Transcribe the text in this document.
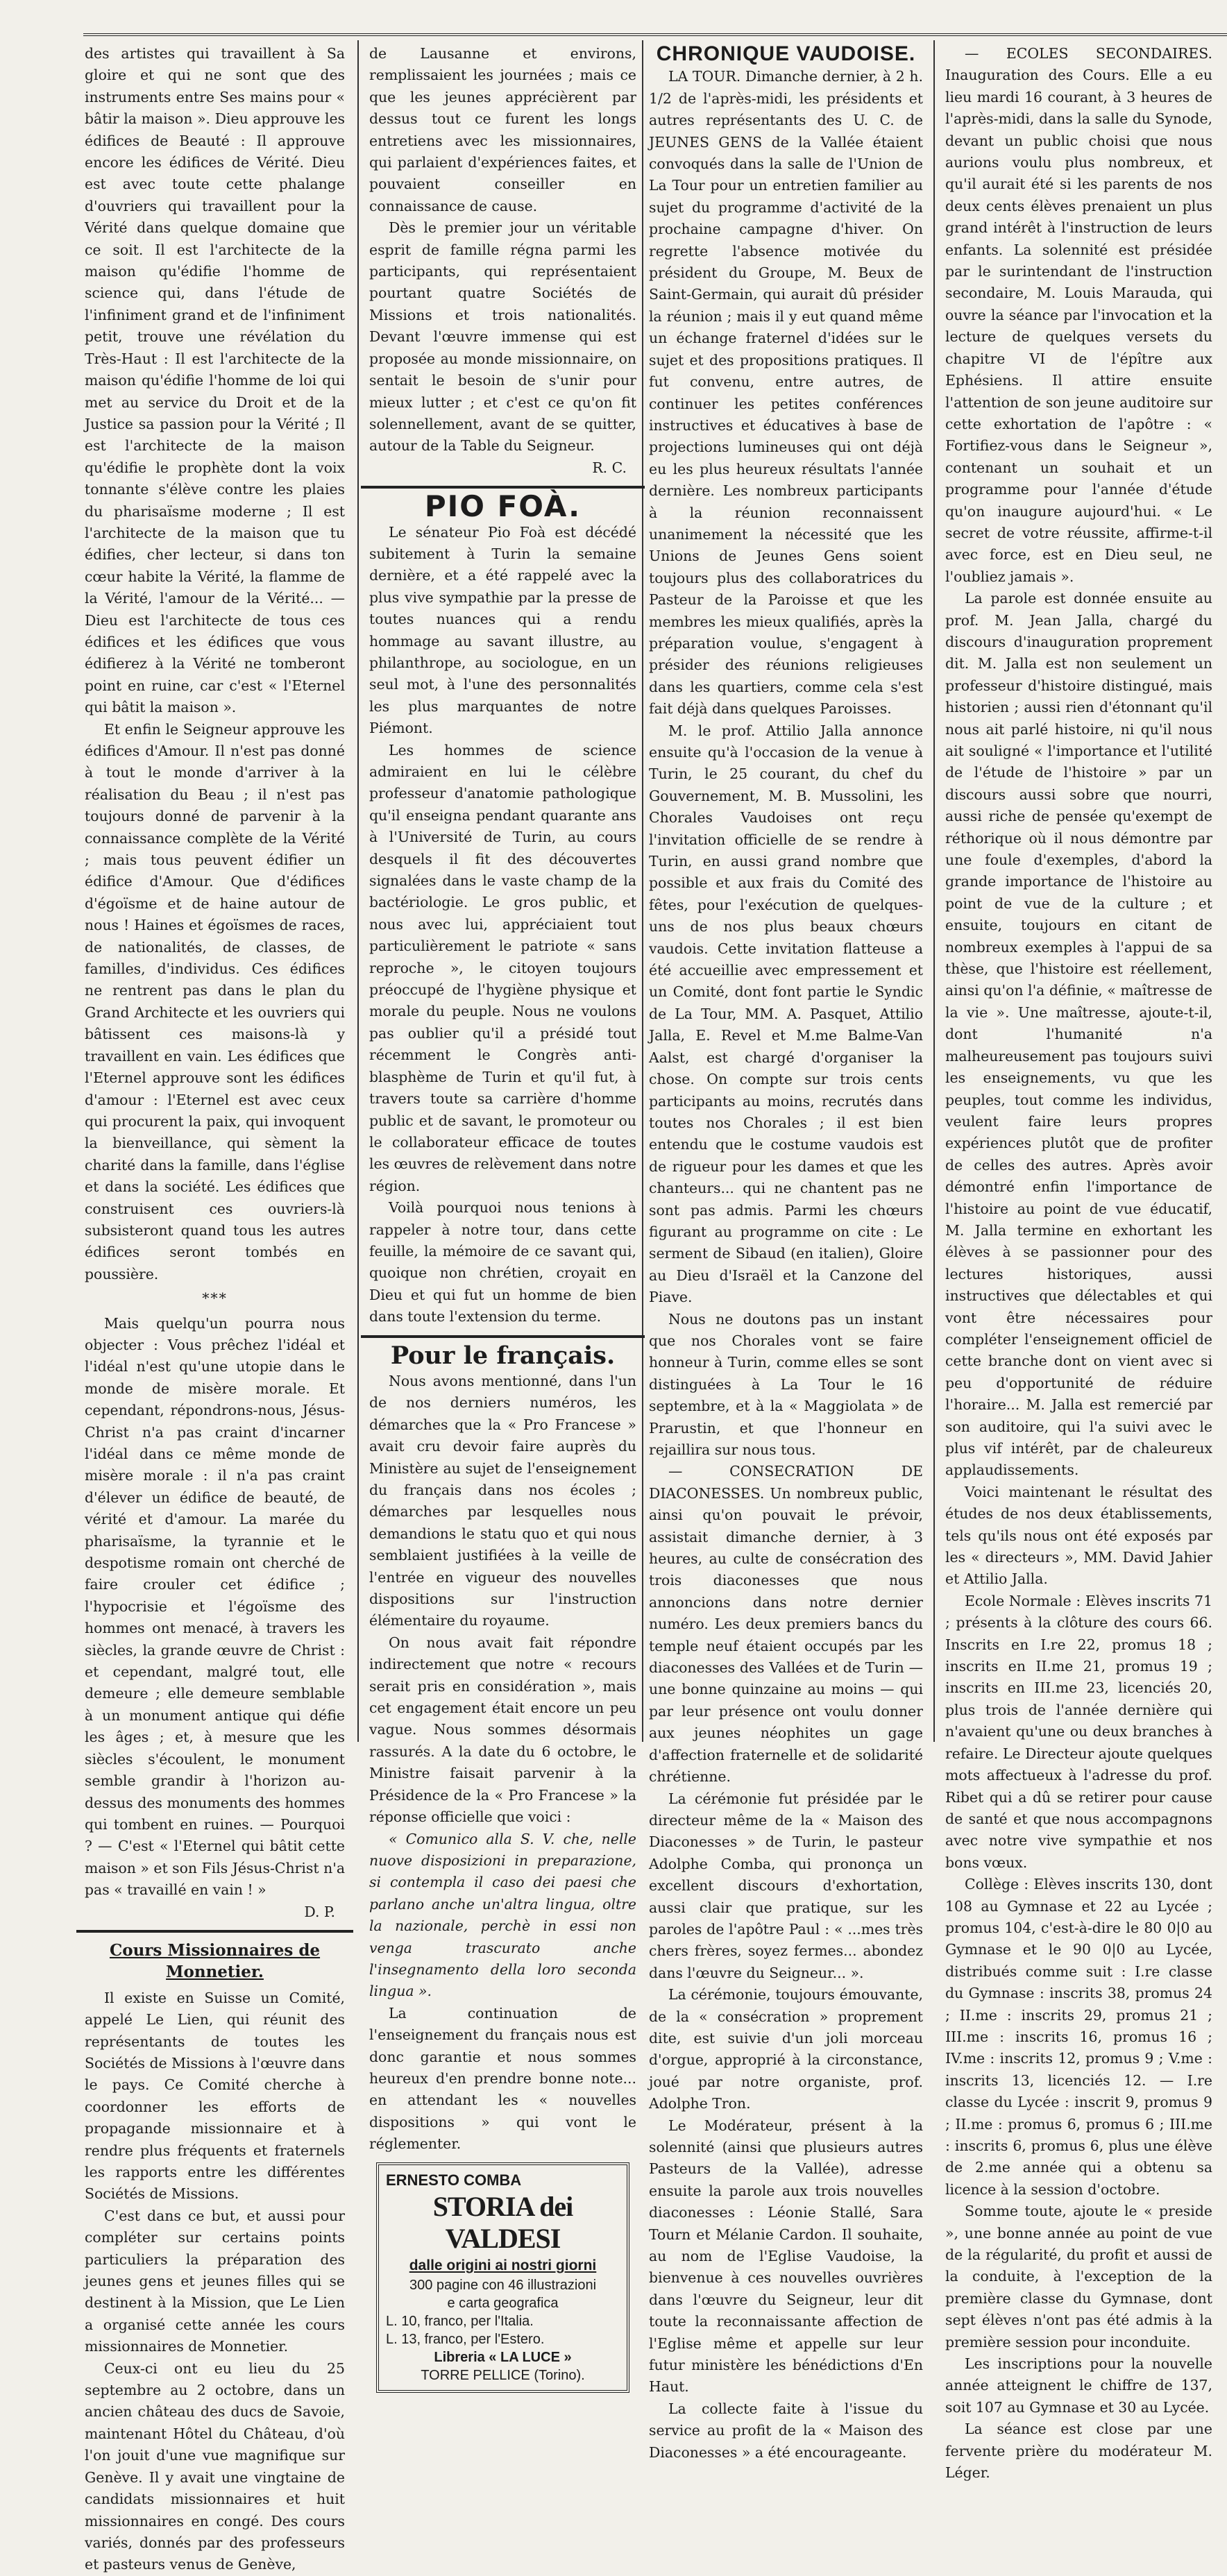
des artistes qui travaillent à Sa gloire et qui ne sont que des instruments entre Ses mains pour « bâtir la maison ». Dieu approuve les édifices de Beauté : Il approuve encore les édifices de Vérité. Dieu est avec toute cette phalange d'ouvriers qui travaillent pour la Vérité dans quelque domaine que ce soit. Il est l'architecte de la maison qu'édifie l'homme de science qui, dans l'étude de l'infiniment grand et de l'infiniment petit, trouve une révélation du Très-Haut : Il est l'architecte de la maison qu'édifie l'homme de loi qui met au service du Droit et de la Justice sa passion pour la Vérité ; Il est l'architecte de la maison qu'édifie le prophète dont la voix tonnante s'élève contre les plaies du pharisaïsme moderne ; Il est l'architecte de la maison que tu édifies, cher lecteur, si dans ton cœur habite la Vérité, la flamme de la Vérité, l'amour de la Vérité... — Dieu est l'architecte de tous ces édifices et les édifices que vous édifierez à la Vérité ne tomberont point en ruine, car c'est « l'Eternel qui bâtit la maison ».

Et enfin le Seigneur approuve les édifices d'Amour. Il n'est pas donné à tout le monde d'arriver à la réalisation du Beau ; il n'est pas toujours donné de parvenir à la connaissance complète de la Vérité ; mais tous peuvent édifier un édifice d'Amour. Que d'édifices d'égoïsme et de haine autour de nous ! Haines et égoïsmes de races, de nationalités, de classes, de familles, d'individus. Ces édifices ne rentrent pas dans le plan du Grand Architecte et les ouvriers qui bâtissent ces maisons-là y travaillent en vain. Les édifices que l'Eternel approuve sont les édifices d'amour : l'Eternel est avec ceux qui procurent la paix, qui invoquent la bienveillance, qui sèment la charité dans la famille, dans l'église et dans la société. Les édifices que construisent ces ouvriers-là subsisteront quand tous les autres édifices seront tombés en poussière.

***

Mais quelqu'un pourra nous objecter : Vous prêchez l'idéal et l'idéal n'est qu'une utopie dans le monde de misère morale. Et cependant, répondrons-nous, Jésus-Christ n'a pas craint d'incarner l'idéal dans ce même monde de misère morale : il n'a pas craint d'élever un édifice de beauté, de vérité et d'amour. La marée du pharisaïsme, la tyrannie et le despotisme romain ont cherché de faire crouler cet édifice ; l'hypocrisie et l'égoïsme des hommes ont menacé, à travers les siècles, la grande œuvre de Christ : et cependant, malgré tout, elle demeure ; elle demeure semblable à un monument antique qui défie les âges ; et, à mesure que les siècles s'écoulent, le monument semble grandir à l'horizon au-dessus des monuments des hommes qui tombent en ruines. — Pourquoi ? — C'est « l'Eternel qui bâtit cette maison » et son Fils Jésus-Christ n'a pas « travaillé en vain ! »

D. P.

Cours Missionnaires de Monnetier.

Il existe en Suisse un Comité, appelé Le Lien, qui réunit des représentants de toutes les Sociétés de Missions à l'œuvre dans le pays. Ce Comité cherche à coordonner les efforts de propagande missionnaire et à rendre plus fréquents et fraternels les rapports entre les différentes Sociétés de Missions.

C'est dans ce but, et aussi pour compléter sur certains points particuliers la préparation des jeunes gens et jeunes filles qui se destinent à la Mission, que Le Lien a organisé cette année les cours missionnaires de Monnetier.

Ceux-ci ont eu lieu du 25 septembre au 2 octobre, dans un ancien château des ducs de Savoie, maintenant Hôtel du Château, d'où l'on jouit d'une vue magnifique sur Genève. Il y avait une vingtaine de candidats missionnaires et huit missionnaires en congé. Des cours variés, donnés par des professeurs et pasteurs venus de Genève,

de Lausanne et environs, remplissaient les journées ; mais ce que les jeunes apprécièrent par dessus tout ce furent les longs entretiens avec les missionnaires, qui parlaient d'expériences faites, et pouvaient conseiller en connaissance de cause.

Dès le premier jour un véritable esprit de famille régna parmi les participants, qui représentaient pourtant quatre Sociétés de Missions et trois nationalités. Devant l'œuvre immense qui est proposée au monde missionnaire, on sentait le besoin de s'unir pour mieux lutter ; et c'est ce qu'on fit solennellement, avant de se quitter, autour de la Table du Seigneur.

R. C.

PIO FOÀ.

Le sénateur Pio Foà est décédé subitement à Turin la semaine dernière, et a été rappelé avec la plus vive sympathie par la presse de toutes nuances qui a rendu hommage au savant illustre, au philanthrope, au sociologue, en un seul mot, à l'une des personnalités les plus marquantes de notre Piémont.

Les hommes de science admiraient en lui le célèbre professeur d'anatomie pathologique qu'il enseigna pendant quarante ans à l'Université de Turin, au cours desquels il fit des découvertes signalées dans le vaste champ de la bactériologie. Le gros public, et nous avec lui, appréciaient tout particulièrement le patriote « sans reproche », le citoyen toujours préoccupé de l'hygiène physique et morale du peuple. Nous ne voulons pas oublier qu'il a présidé tout récemment le Congrès anti-blasphème de Turin et qu'il fut, à travers toute sa carrière d'homme public et de savant, le promoteur ou le collaborateur efficace de toutes les œuvres de relèvement dans notre région.

Voilà pourquoi nous tenions à rappeler à notre tour, dans cette feuille, la mémoire de ce savant qui, quoique non chrétien, croyait en Dieu et qui fut un homme de bien dans toute l'extension du terme.

Pour le français.

Nous avons mentionné, dans l'un de nos derniers numéros, les démarches que la « Pro Francese » avait cru devoir faire auprès du Ministère au sujet de l'enseignement du français dans nos écoles ; démarches par lesquelles nous demandions le statu quo et qui nous semblaient justifiées à la veille de l'entrée en vigueur des nouvelles dispositions sur l'instruction élémentaire du royaume.

On nous avait fait répondre indirectement que notre « recours serait pris en considération », mais cet engagement était encore un peu vague. Nous sommes désormais rassurés. A la date du 6 octobre, le Ministre faisait parvenir à la Présidence de la « Pro Francese » la réponse officielle que voici :

« Comunico alla S. V. che, nelle nuove disposizioni in preparazione, si contempla il caso dei paesi che parlano anche un'altra lingua, oltre la nazionale, perchè in essi non venga trascurato anche l'insegnamento della loro seconda lingua ».

La continuation de l'enseignement du français nous est donc garantie et nous sommes heureux d'en prendre bonne note... en attendant les « nouvelles dispositions » qui vont le réglementer.

ERNESTO COMBA
STORIA dei VALDESI
dalle origini ai nostri giorni
300 pagine con 46 illustrazioni
e carta geografica
L. 10, franco, per l'Italia.
L. 13, franco, per l'Estero.
Libreria « LA LUCE »
TORRE PELLICE (Torino).
CHRONIQUE VAUDOISE.

LA TOUR. Dimanche dernier, à 2 h. 1/2 de l'après-midi, les présidents et autres représentants des U. C. de JEUNES GENS de la Vallée étaient convoqués dans la salle de l'Union de La Tour pour un entretien familier au sujet du programme d'activité de la prochaine campagne d'hiver. On regrette l'absence motivée du président du Groupe, M. Beux de Saint-Germain, qui aurait dû présider la réunion ; mais il y eut quand même un échange fraternel d'idées sur le sujet et des propositions pratiques. Il fut convenu, entre autres, de continuer les petites conférences instructives et éducatives à base de projections lumineuses qui ont déjà eu les plus heureux résultats l'année dernière. Les nombreux participants à la réunion reconnaissent unanimement la nécessité que les Unions de Jeunes Gens soient toujours plus des collaboratrices du Pasteur de la Paroisse et que les membres les mieux qualifiés, après la préparation voulue, s'engagent à présider des réunions religieuses dans les quartiers, comme cela s'est fait déjà dans quelques Paroisses.

M. le prof. Attilio Jalla annonce ensuite qu'à l'occasion de la venue à Turin, le 25 courant, du chef du Gouvernement, M. B. Mussolini, les Chorales Vaudoises ont reçu l'invitation officielle de se rendre à Turin, en aussi grand nombre que possible et aux frais du Comité des fêtes, pour l'exécution de quelques-uns de nos plus beaux chœurs vaudois. Cette invitation flatteuse a été accueillie avec empressement et un Comité, dont font partie le Syndic de La Tour, MM. A. Pasquet, Attilio Jalla, E. Revel et M.me Balme-Van Aalst, est chargé d'organiser la chose. On compte sur trois cents participants au moins, recrutés dans toutes nos Chorales ; il est bien entendu que le costume vaudois est de rigueur pour les dames et que les chanteurs... qui ne chantent pas ne sont pas admis. Parmi les chœurs figurant au programme on cite : Le serment de Sibaud (en italien), Gloire au Dieu d'Israël et la Canzone del Piave.

Nous ne doutons pas un instant que nos Chorales vont se faire honneur à Turin, comme elles se sont distinguées à La Tour le 16 septembre, et à la « Maggiolata » de Prarustin, et que l'honneur en rejaillira sur nous tous.

— CONSECRATION DE DIACONESSES. Un nombreux public, ainsi qu'on pouvait le prévoir, assistait dimanche dernier, à 3 heures, au culte de consécration des trois diaconesses que nous annoncions dans notre dernier numéro. Les deux premiers bancs du temple neuf étaient occupés par les diaconesses des Vallées et de Turin — une bonne quinzaine au moins — qui par leur présence ont voulu donner aux jeunes néophites un gage d'affection fraternelle et de solidarité chrétienne.

La cérémonie fut présidée par le directeur même de la « Maison des Diaconesses » de Turin, le pasteur Adolphe Comba, qui prononça un excellent discours d'exhortation, aussi clair que pratique, sur les paroles de l'apôtre Paul : « ...mes très chers frères, soyez fermes... abondez dans l'œuvre du Seigneur... ».

La cérémonie, toujours émouvante, de la « consécration » proprement dite, est suivie d'un joli morceau d'orgue, approprié à la circonstance, joué par notre organiste, prof. Adolphe Tron.

Le Modérateur, présent à la solennité (ainsi que plusieurs autres Pasteurs de la Vallée), adresse ensuite la parole aux trois nouvelles diaconesses : Léonie Stallé, Sara Tourn et Mélanie Cardon. Il souhaite, au nom de l'Eglise Vaudoise, la bienvenue à ces nouvelles ouvrières dans l'œuvre du Seigneur, leur dit toute la reconnaissante affection de l'Eglise même et appelle sur leur futur ministère les bénédictions d'En Haut.

La collecte faite à l'issue du service au profit de la « Maison des Diaconesses » a été encourageante.

— ECOLES SECONDAIRES. Inauguration des Cours. Elle a eu lieu mardi 16 courant, à 3 heures de l'après-midi, dans la salle du Synode, devant un public choisi que nous aurions voulu plus nombreux, et qu'il aurait été si les parents de nos deux cents élèves prenaient un plus grand intérêt à l'instruction de leurs enfants. La solennité est présidée par le surintendant de l'instruction secondaire, M. Louis Marauda, qui ouvre la séance par l'invocation et la lecture de quelques versets du chapitre VI de l'épître aux Ephésiens. Il attire ensuite l'attention de son jeune auditoire sur cette exhortation de l'apôtre : « Fortifiez-vous dans le Seigneur », contenant un souhait et un programme pour l'année d'étude qu'on inaugure aujourd'hui. « Le secret de votre réussite, affirme-t-il avec force, est en Dieu seul, ne l'oubliez jamais ».

La parole est donnée ensuite au prof. M. Jean Jalla, chargé du discours d'inauguration proprement dit. M. Jalla est non seulement un professeur d'histoire distingué, mais historien ; aussi rien d'étonnant qu'il nous ait parlé histoire, ni qu'il nous ait souligné « l'importance et l'utilité de l'étude de l'histoire » par un discours aussi sobre que nourri, aussi riche de pensée qu'exempt de réthorique où il nous démontre par une foule d'exemples, d'abord la grande importance de l'histoire au point de vue de la culture ; et ensuite, toujours en citant de nombreux exemples à l'appui de sa thèse, que l'histoire est réellement, ainsi qu'on l'a définie, « maîtresse de la vie ». Une maîtresse, ajoute-t-il, dont l'humanité n'a malheureusement pas toujours suivi les enseignements, vu que les peuples, tout comme les individus, veulent faire leurs propres expériences plutôt que de profiter de celles des autres. Après avoir démontré enfin l'importance de l'histoire au point de vue éducatif, M. Jalla termine en exhortant les élèves à se passionner pour des lectures historiques, aussi instructives que délectables et qui vont être nécessaires pour compléter l'enseignement officiel de cette branche dont on vient avec si peu d'opportunité de réduire l'horaire... M. Jalla est remercié par son auditoire, qui l'a suivi avec le plus vif intérêt, par de chaleureux applaudissements.

Voici maintenant le résultat des études de nos deux établissements, tels qu'ils nous ont été exposés par les « directeurs », MM. David Jahier et Attilio Jalla.

Ecole Normale : Elèves inscrits 71 ; présents à la clôture des cours 66. Inscrits en I.re 22, promus 18 ; inscrits en II.me 21, promus 19 ; inscrits en III.me 23, licenciés 20, plus trois de l'année dernière qui n'avaient qu'une ou deux branches à refaire. Le Directeur ajoute quelques mots affectueux à l'adresse du prof. Ribet qui a dû se retirer pour cause de santé et que nous accompagnons avec notre vive sympathie et nos bons vœux.

Collège : Elèves inscrits 130, dont 108 au Gymnase et 22 au Lycée ; promus 104, c'est-à-dire le 80 0|0 au Gymnase et le 90 0|0 au Lycée, distribués comme suit : I.re classe du Gymnase : inscrits 38, promus 24 ; II.me : inscrits 29, promus 21 ; III.me : inscrits 16, promus 16 ; IV.me : inscrits 12, promus 9 ; V.me : inscrits 13, licenciés 12. — I.re classe du Lycée : inscrit 9, promus 9 ; II.me : promus 6, promus 6 ; III.me : inscrits 6, promus 6, plus une élève de 2.me année qui a obtenu sa licence à la session d'octobre.

Somme toute, ajoute le « preside », une bonne année au point de vue de la régularité, du profit et aussi de la conduite, à l'exception de la première classe du Gymnase, dont sept élèves n'ont pas été admis à la première session pour inconduite.

Les inscriptions pour la nouvelle année atteignent le chiffre de 137, soit 107 au Gymnase et 30 au Lycée.

La séance est close par une fervente prière du modérateur M. Léger.
